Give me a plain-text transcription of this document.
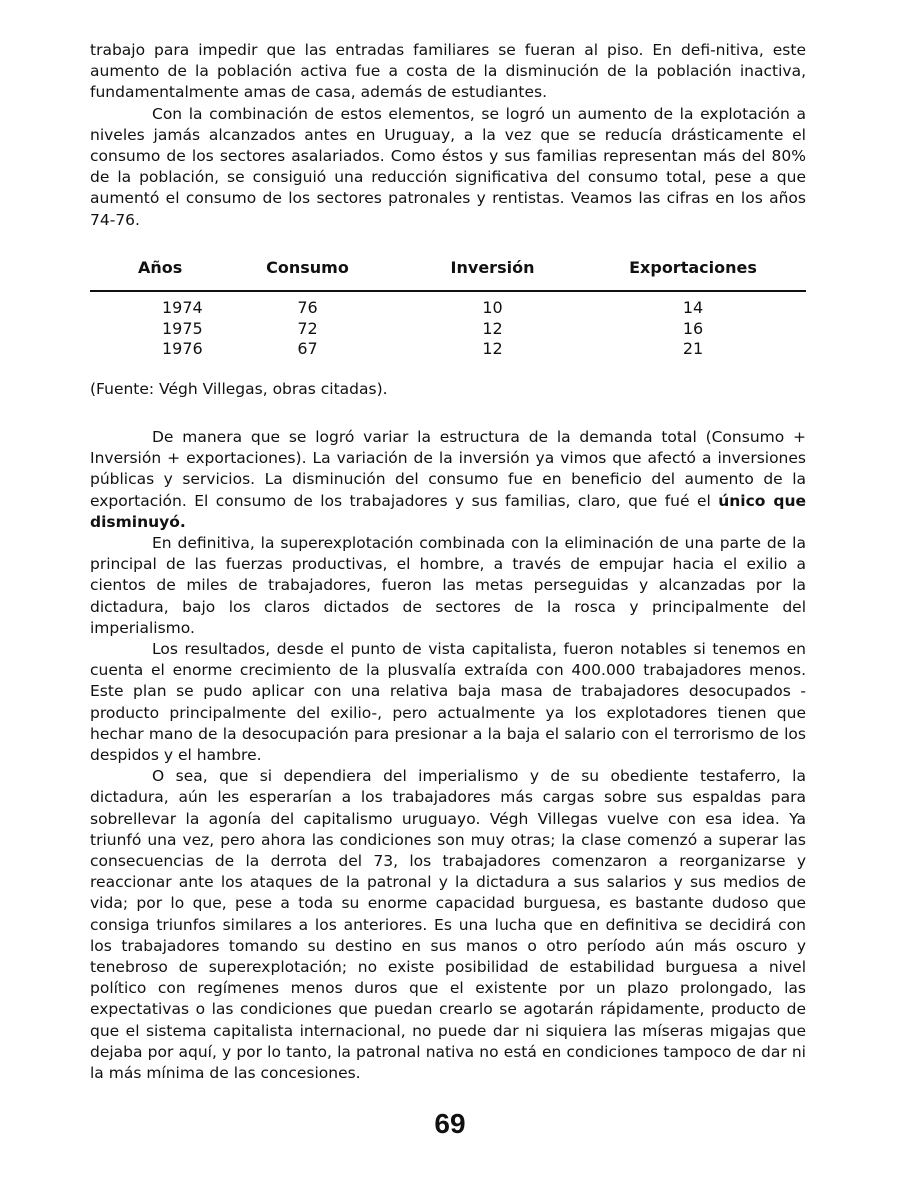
trabajo para impedir que las entradas familiares se fueran al piso. En defi-nitiva, este aumento de la población activa fue a costa de la disminución de la población inactiva, fundamentalmente amas de casa, además de estudiantes.

Con la combinación de estos elementos, se logró un aumento de la explotación a niveles jamás alcanzados antes en Uruguay, a la vez que se reducía drásticamente el consumo de los sectores asalariados. Como éstos y sus familias representan más del 80% de la población, se consiguió una reducción significativa del consumo total, pese a que aumentó el consumo de los sectores patronales y rentistas. Veamos las cifras en los años 74-76.

Años	Consumo	Inversión	Exportaciones
1974	76	10	14
1975	72	12	16
1976	67	12	21
(Fuente: Végh Villegas, obras citadas).

De manera que se logró variar la estructura de la demanda total (Consumo + Inversión + exportaciones). La variación de la inversión ya vimos que afectó a inversiones públicas y servicios. La disminución del consumo fue en beneficio del aumento de la exportación. El consumo de los trabajadores y sus familias, claro, que fué el único que disminuyó.

En definitiva, la superexplotación combinada con la eliminación de una parte de la principal de las fuerzas productivas, el hombre, a través de empujar hacia el exilio a cientos de miles de trabajadores, fueron las metas perseguidas y alcanzadas por la dictadura, bajo los claros dictados de sectores de la rosca y principalmente del imperialismo.

Los resultados, desde el punto de vista capitalista, fueron notables si tenemos en cuenta el enorme crecimiento de la plusvalía extraída con 400.000 trabajadores menos. Este plan se pudo aplicar con una relativa baja masa de trabajadores desocupados -producto principalmente del exilio-, pero actualmente ya los explotadores tienen que hechar mano de la desocupación para presionar a la baja el salario con el terrorismo de los despidos y el hambre.

O sea, que si dependiera del imperialismo y de su obediente testaferro, la dictadura, aún les esperarían a los trabajadores más cargas sobre sus espaldas para sobrellevar la agonía del capitalismo uruguayo. Végh Villegas vuelve con esa idea. Ya triunfó una vez, pero ahora las condiciones son muy otras; la clase comenzó a superar las consecuencias de la derrota del 73, los trabajadores comenzaron a reorganizarse y reaccionar ante los ataques de la patronal y la dictadura a sus salarios y sus medios de vida; por lo que, pese a toda su enorme capacidad burguesa, es bastante dudoso que consiga triunfos similares a los anteriores. Es una lucha que en definitiva se decidirá con los trabajadores tomando su destino en sus manos o otro período aún más oscuro y tenebroso de superexplotación; no existe posibilidad de estabilidad burguesa a nivel político con regímenes menos duros que el existente por un plazo prolongado, las expectativas o las condiciones que puedan crearlo se agotarán rápidamente, producto de que el sistema capitalista internacional, no puede dar ni siquiera las míseras migajas que dejaba por aquí, y por lo tanto, la patronal nativa no está en condiciones tampoco de dar ni la más mínima de las concesiones.

69
